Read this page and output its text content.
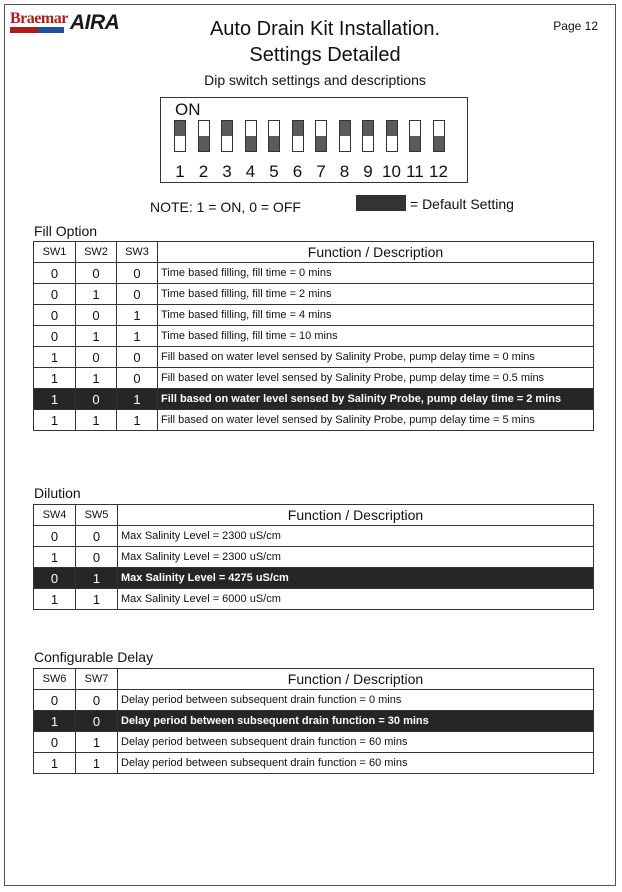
Braemar AIRA	Auto Drain Kit Installation.
Settings Detailed
Page 12
Dip switch settings and descriptions
ON
1 2 3 4 5 6 7 8 9 10 11 12
NOTE: 1 = ON, 0 = OFF	= Default Setting
Fill Option
SW1	SW2	SW3	Function / Description
0	0	0	Time based filling, fill time = 0 mins
0	1	0	Time based filling, fill time = 2 mins
0	0	1	Time based filling, fill time = 4 mins
0	1	1	Time based filling, fill time = 10 mins
1	0	0	Fill based on water level sensed by Salinity Probe, pump delay time = 0 mins
1	1	0	Fill based on water level sensed by Salinity Probe, pump delay time = 0.5 mins
1	0	1	Fill based on water level sensed by Salinity Probe, pump delay time = 2 mins
1	1	1	Fill based on water level sensed by Salinity Probe, pump delay time = 5 mins
Dilution
SW4	SW5	Function / Description
0	0	Max Salinity Level = 2300 uS/cm
1	0	Max Salinity Level = 2300 uS/cm
0	1	Max Salinity Level = 4275 uS/cm
1	1	Max Salinity Level = 6000 uS/cm
Configurable Delay
SW6	SW7	Function / Description
0	0	Delay period between subsequent drain function = 0 mins
1	0	Delay period between subsequent drain function = 30 mins
0	1	Delay period between subsequent drain function = 60 mins
1	1	Delay period between subsequent drain function = 60 mins
